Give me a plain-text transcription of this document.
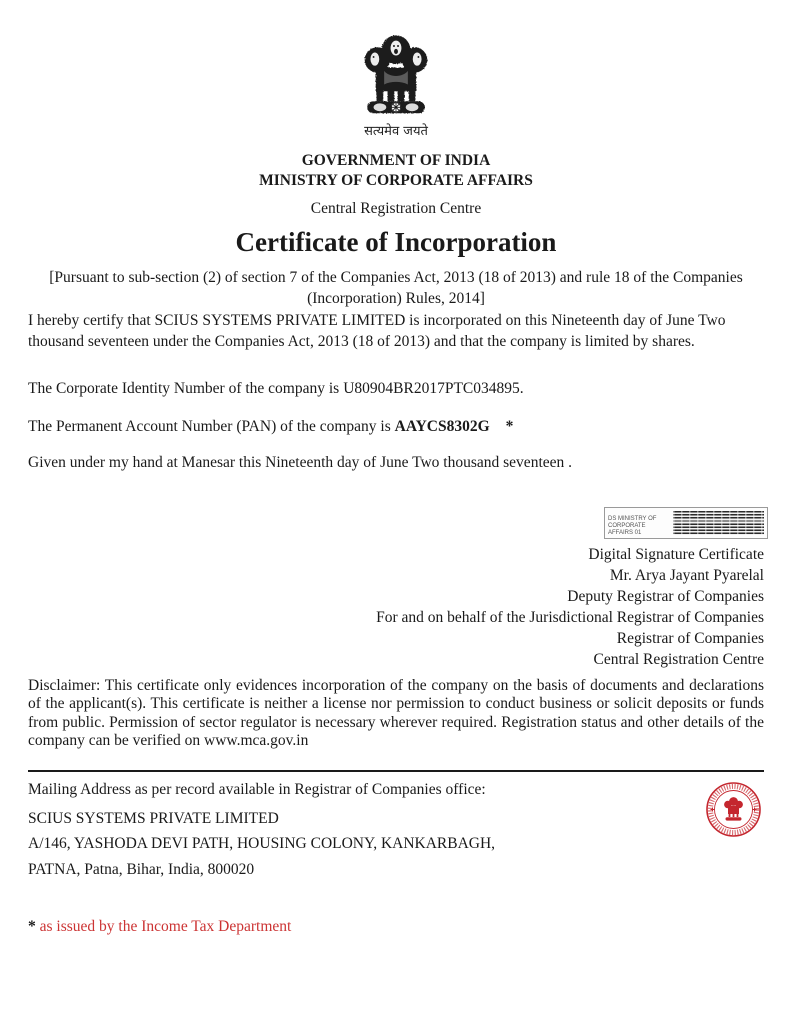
सत्यमेव जयते
GOVERNMENT OF INDIA
MINISTRY OF CORPORATE AFFAIRS
Central Registration Centre
Certificate of Incorporation
[Pursuant to sub-section (2) of section 7 of the Companies Act, 2013 (18 of 2013) and rule 18 of the Companies (Incorporation) Rules, 2014]
I hereby certify that SCIUS SYSTEMS PRIVATE LIMITED is incorporated on this Nineteenth day of June Two thousand seventeen under the Companies Act, 2013 (18 of 2013) and that the company is limited by shares.
The Corporate Identity Number of the company is U80904BR2017PTC034895.
The Permanent Account Number (PAN) of the company is AAYCS8302G *
Given under my hand at Manesar this Nineteenth day of June Two thousand seventeen .
DS MINISTRY OF CORPORATE AFFAIRS 01
Digital Signature Certificate
Mr. Arya Jayant Pyarelal
Deputy Registrar of Companies
For and on behalf of the Jurisdictional Registrar of Companies
Registrar of Companies
Central Registration Centre
Disclaimer: This certificate only evidences incorporation of the company on the basis of documents and declarations of the applicant(s). This certificate is neither a license nor permission to conduct business or solicit deposits or funds from public. Permission of sector regulator is necessary wherever required. Registration status and other details of the company can be verified on www.mca.gov.in
Mailing Address as per record available in Registrar of Companies office:
SCIUS SYSTEMS PRIVATE LIMITED
A/146, YASHODA DEVI PATH, HOUSING COLONY, KANKARBAGH,
PATNA, Patna, Bihar, India, 800020
* as issued by the Income Tax Department
